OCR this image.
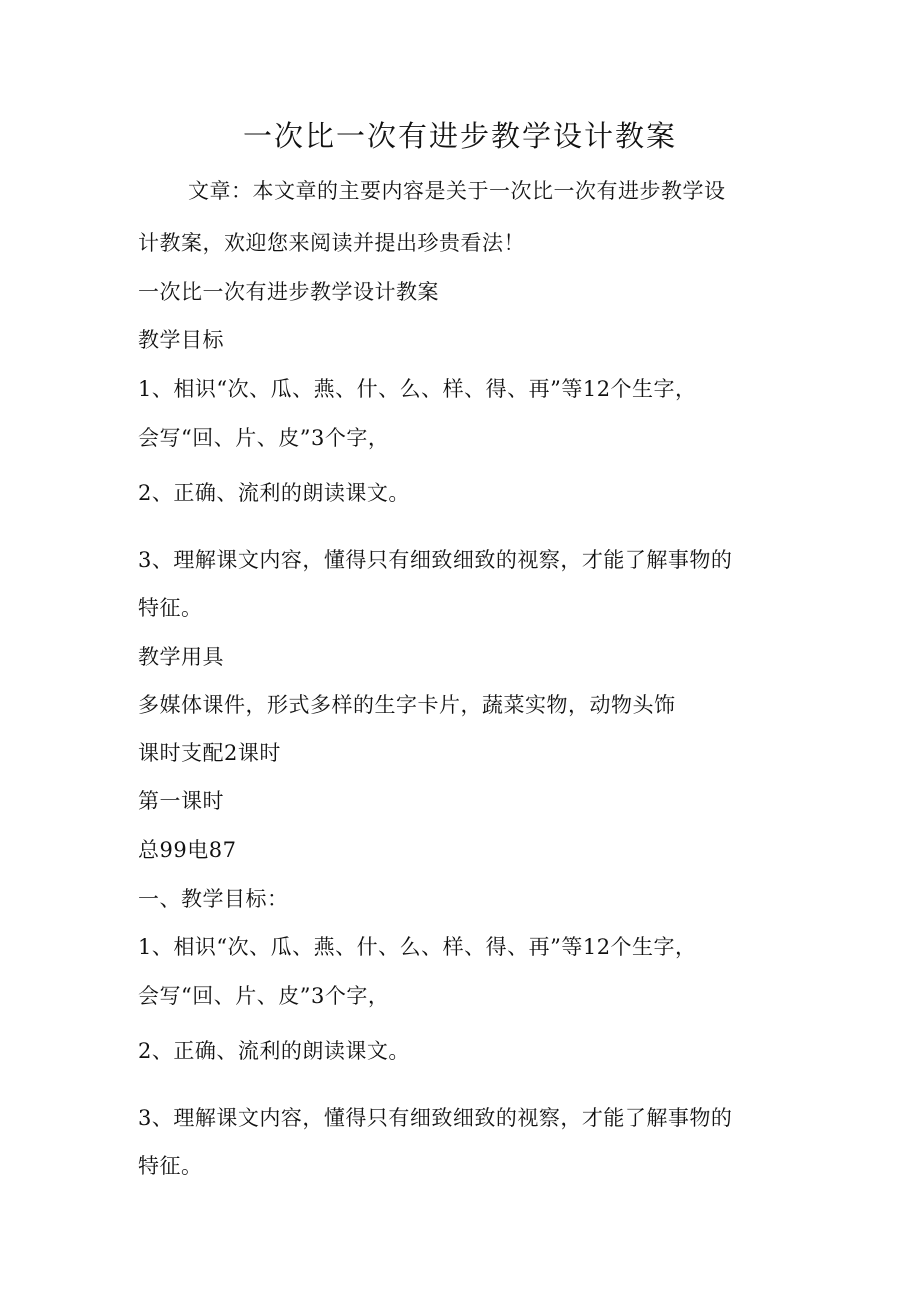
一次比一次有进步教学设计教案
文章：本文章的主要内容是关于一次比一次有进步教学设
计教案，欢迎您来阅读并提出珍贵看法！
一次比一次有进步教学设计教案
教学目标
1、相识“次、瓜、燕、什、么、样、得、再”等12个生字，
会写“回、片、皮”3个字，
2、正确、流利的朗读课文。
3、理解课文内容，懂得只有细致细致的视察，才能了解事物的
特征。
教学用具
多媒体课件，形式多样的生字卡片，蔬菜实物，动物头饰
课时支配2课时
第一课时
总99电87
一、教学目标：
1、相识“次、瓜、燕、什、么、样、得、再”等12个生字，
会写“回、片、皮”3个字，
2、正确、流利的朗读课文。
3、理解课文内容，懂得只有细致细致的视察，才能了解事物的
特征。
